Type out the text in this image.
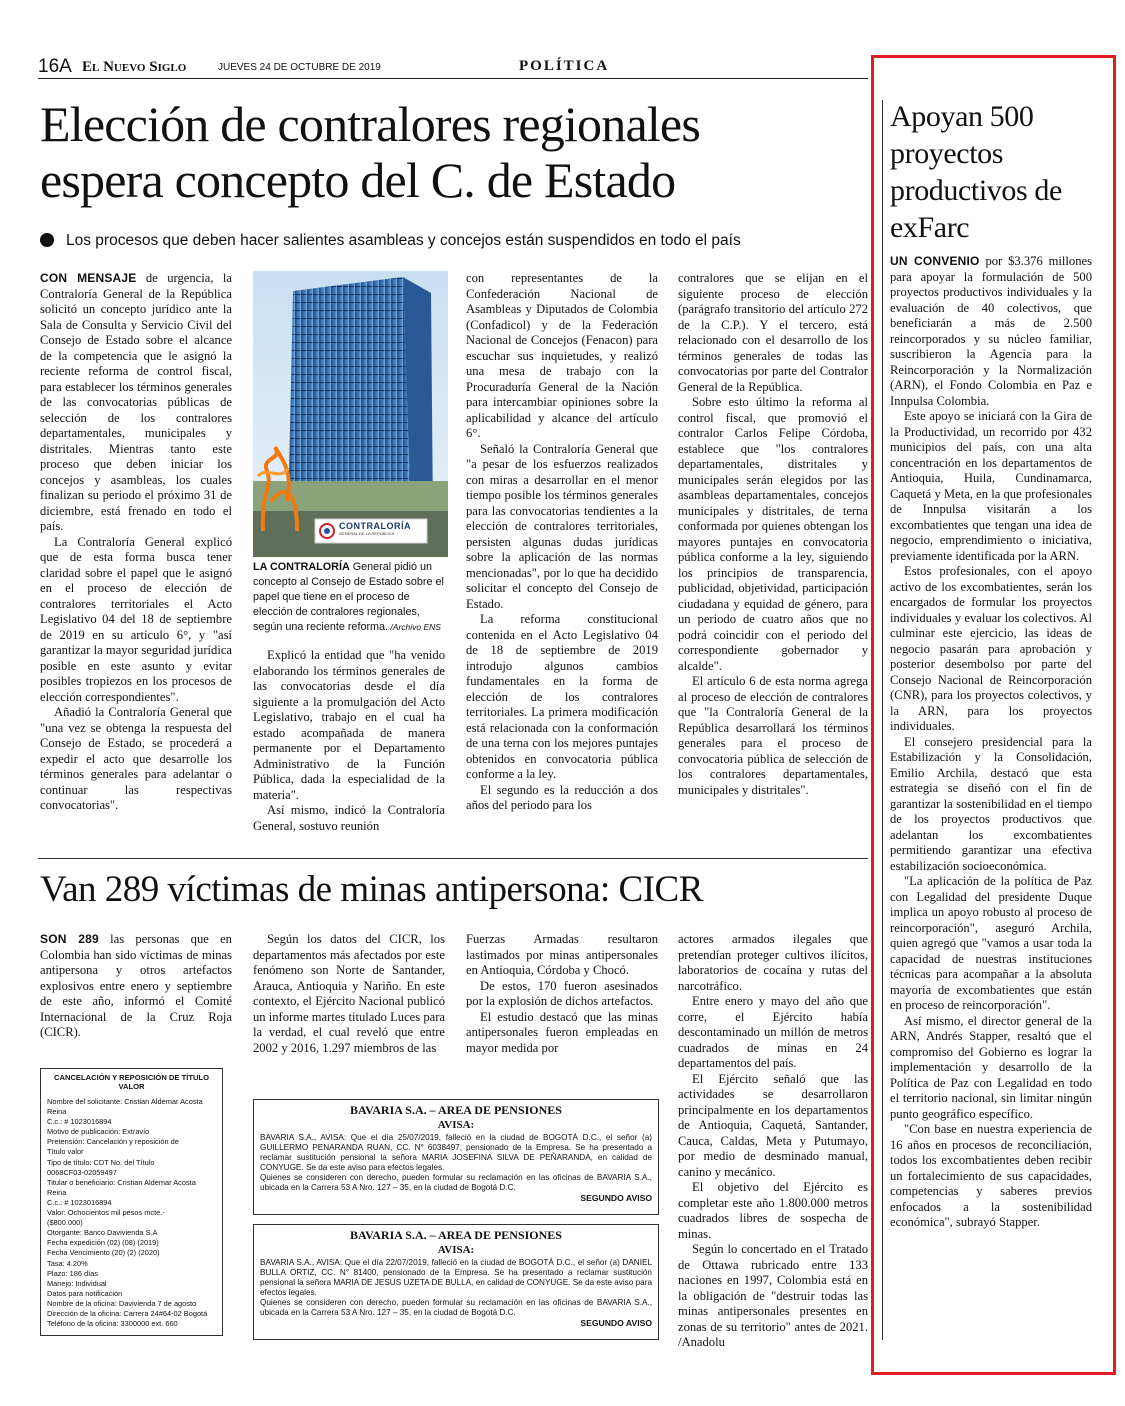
16A El Nuevo Siglo	JUEVES 24 DE OCTUBRE DE 2019	POLÍTICA
Elección de contralores regionales
espera concepto del C. de Estado
Los procesos que deben hacer salientes asambleas y concejos están suspendidos en todo el país

CON MENSAJE de urgencia, la Contraloría General de la República solicitó un concepto jurídico ante la Sala de Consulta y Servicio Civil del Consejo de Estado sobre el alcance de la competencia que le asignó la reciente reforma de control fiscal, para establecer los términos generales de las convocatorias públicas de selección de los contralores departamentales, municipales y distritales. Mientras tanto este proceso que deben iniciar los concejos y asambleas, los cuales finalizan su periodo el próximo 31 de diciembre, está frenado en todo el país.

La Contraloría General explicó que de esta forma busca tener claridad sobre el papel que le asignó en el proceso de elección de contralores territoriales el Acto Legislativo 04 del 18 de septiembre de 2019 en su artículo 6°, y "así garantizar la mayor seguridad jurídica posible en este asunto y evitar posibles tropiezos en los procesos de elección correspondientes".

Añadió la Contraloría General que "una vez se obtenga la respuesta del Consejo de Estado, se procederá a expedir el acto que desarrolle los términos generales para adelantar o continuar las respectivas convocatorias".

CONTRALORÍA
GENERAL DE LA REPÚBLICA
LA CONTRALORÍA General pidió un concepto al Consejo de Estado sobre el papel que tiene en el proceso de elección de contralores regionales, según una reciente reforma. /Archivo ENS

Explicó la entidad que "ha venido elaborando los términos generales de las convocatorias desde el día siguiente a la promulgación del Acto Legislativo, trabajo en el cual ha estado acompañada de manera permanente por el Departamento Administrativo de la Función Pública, dada la especialidad de la materia".

Así mismo, indicó la Contraloría General, sostuvo reunión

con representantes de la Confederación Nacional de Asambleas y Diputados de Colombia (Confadicol) y de la Federación Nacional de Concejos (Fenacon) para escuchar sus inquietudes, y realizó una mesa de trabajo con la Procuraduría General de la Nación para intercambiar opiniones sobre la aplicabilidad y alcance del artículo 6°.

Señaló la Contraloría General que "a pesar de los esfuerzos realizados con miras a desarrollar en el menor tiempo posible los términos generales para las convocatorias tendientes a la elección de contralores territoriales, persisten algunas dudas jurídicas sobre la aplicación de las normas mencionadas", por lo que ha decidido solicitar el concepto del Consejo de Estado.

La reforma constitucional contenida en el Acto Legislativo 04 de 18 de septiembre de 2019 introdujo algunos cambios fundamentales en la forma de elección de los contralores territoriales. La primera modificación está relacionada con la conformación de una terna con los mejores puntajes obtenidos en convocatoria pública conforme a la ley.

El segundo es la reducción a dos años del periodo para los

contralores que se elijan en el siguiente proceso de elección (parágrafo transitorio del artículo 272 de la C.P.). Y el tercero, está relacionado con el desarrollo de los términos generales de todas las convocatorias por parte del Contralor General de la República.

Sobre esto último la reforma al control fiscal, que promovió el contralor Carlos Felipe Córdoba, establece que "los contralores departamentales, distritales y municipales serán elegidos por las asambleas departamentales, concejos municipales y distritales, de terna conformada por quienes obtengan los mayores puntajes en convocatoria pública conforme a la ley, siguiendo los principios de transparencia, publicidad, objetividad, participación ciudadana y equidad de género, para un periodo de cuatro años que no podrá coincidir con el periodo del correspondiente gobernador y alcalde".

El artículo 6 de esta norma agrega al proceso de elección de contralores que "la Contraloría General de la República desarrollará los términos generales para el proceso de convocatoria pública de selección de los contralores departamentales, municipales y distritales".

Van 289 víctimas de minas antipersona: CICR

SON 289 las personas que en Colombia han sido víctimas de minas antipersona y otros artefactos explosivos entre enero y septiembre de este año, informó el Comité Internacional de la Cruz Roja (CICR).

Según los datos del CICR, los departamentos más afectados por este fenómeno son Norte de Santander, Arauca, Antioquia y Nariño. En este contexto, el Ejército Nacional publicó un informe martes titulado Luces para la verdad, el cual reveló que entre 2002 y 2016, 1.297 miembros de las

Fuerzas Armadas resultaron lastimados por minas antipersonales en Antioquia, Córdoba y Chocó.

De estos, 170 fueron asesinados por la explosión de dichos artefactos.

El estudio destacó que las minas antipersonales fueron empleadas en mayor medida por

actores armados ilegales que pretendían proteger cultivos ilícitos, laboratorios de cocaína y rutas del narcotráfico.

Entre enero y mayo del año que corre, el Ejército había descontaminado un millón de metros cuadrados de minas en 24 departamentos del país.

El Ejército señaló que las actividades se desarrollaron principalmente en los departamentos de Antioquia, Caquetá, Santander, Cauca, Caldas, Meta y Putumayo, por medio de desminado manual, canino y mecánico.

El objetivo del Ejército es completar este año 1.800.000 metros cuadrados libres de sospecha de minas.

Según lo concertado en el Tratado de Ottawa rubricado entre 133 naciones en 1997, Colombia está en la obligación de "destruir todas las minas antipersonales presentes en zonas de su territorio" antes de 2021. /Anadolu

CANCELACIÓN Y REPOSICIÓN DE TÍTULO VALOR
Nombre del solicitante: Cristian Aldemar Acosta
Reina
C.c.: # 1023016894
Motivo de publicación: Extravío
Pretensión: Cancelación y reposición de
Título valor
Tipo de título: CDT No. del Título
0068CF03-02059497
Titular o beneficiario: Cristian Aldemar Acosta
Reina
C.c.: # 1023016894
Valor: Ochocientos mil pesos mcte.-
($800.000)
Otorgante: Banco Davivienda S.A
Fecha expedición (02) (08) (2019)
Fecha Vencimiento (20) (2) (2020)
Tasa: 4.20%
Plazo: 186 días
Manejo: Individual
Datos para notificación
Nombre de la oficina: Davivienda 7 de agosto
Dirección de la oficina: Carrera 24#64-02 Bogotá
Teléfono de la oficina: 3300000 ext. 660
BAVARIA S.A. – AREA DE PENSIONES
AVISA:
BAVARIA S.A., AVISA: Que el día 25/07/2019, falleció en la ciudad de BOGOTÁ D.C., el señor (a) GUILLERMO PENARANDA RUAN, CC. N° 6038497, pensionado de la Empresa. Se ha presentado a reclamar sustitución pensional la señora MARIA JOSEFINA SILVA DE PEÑARANDA, en calidad de CONYUGE. Se da este aviso para efectos legales.
Quienes se consideren con derecho, pueden formular su reclamación en las oficinas de BAVARIA S.A., ubicada en la Carrera 53 A Nro. 127 – 35, en la ciudad de Bogotá D.C.
SEGUNDO AVISO
BAVARIA S.A. – AREA DE PENSIONES
AVISA:
BAVARIA S.A., AVISA: Que el día 22/07/2019, falleció en la ciudad de BOGOTÁ D.C., el señor (a) DANIEL BULLA ORTIZ, CC. N° 81400, pensionado de la Empresa. Se ha presentado a reclamar sustitución pensional la señora MARIA DE JESUS UZETA DE BULLA, en calidad de CONYUGE. Se da este aviso para efectos legales.
Quienes se consideren con derecho, pueden formular su reclamación en las oficinas de BAVARIA S.A., ubicada en la Carrera 53 A Nro. 127 – 35, en la ciudad de Bogotá D.C.
SEGUNDO AVISO
Apoyan 500 proyectos productivos de exFarc

UN CONVENIO por $3.376 millones para apoyar la formulación de 500 proyectos productivos individuales y la evaluación de 40 colectivos, que beneficiarán a más de 2.500 reincorporados y su núcleo familiar, suscribieron la Agencia para la Reincorporación y la Normalización (ARN), el Fondo Colombia en Paz e Innpulsa Colombia.

Este apoyo se iniciará con la Gira de la Productividad, un recorrido por 432 municipios del país, con una alta concentración en los departamentos de Antioquia, Huila, Cundinamarca, Caquetá y Meta, en la que profesionales de Innpulsa visitarán a los excombatientes que tengan una idea de negocio, emprendimiento o iniciativa, previamente identificada por la ARN.

Estos profesionales, con el apoyo activo de los excombatientes, serán los encargados de formular los proyectos individuales y evaluar los colectivos. Al culminar este ejercicio, las ideas de negocio pasarán para aprobación y posterior desembolso por parte del Consejo Nacional de Reincorporación (CNR), para los proyectos colectivos, y la ARN, para los proyectos individuales.

El consejero presidencial para la Estabilización y la Consolidación, Emilio Archila, destacó que esta estrategia se diseñó con el fin de garantizar la sostenibilidad en el tiempo de los proyectos productivos que adelantan los excombatientes permitiendo garantizar una efectiva estabilización socioeconómica.

"La aplicación de la política de Paz con Legalidad del presidente Duque implica un apoyo robusto al proceso de reincorporación", aseguró Archila, quien agregó que "vamos a usar toda la capacidad de nuestras instituciones técnicas para acompañar a la absoluta mayoría de excombatientes que están en proceso de reincorporación".

Así mismo, el director general de la ARN, Andrés Stapper, resaltó que el compromiso del Gobierno es lograr la implementación y desarrollo de la Política de Paz con Legalidad en todo el territorio nacional, sin limitar ningún punto geográfico específico.

"Con base en nuestra experiencia de 16 años en procesos de reconciliación, todos los excombatientes deben recibir un fortalecimiento de sus capacidades, competencias y saberes previos enfocados a la sostenibilidad económica", subrayó Stapper.
